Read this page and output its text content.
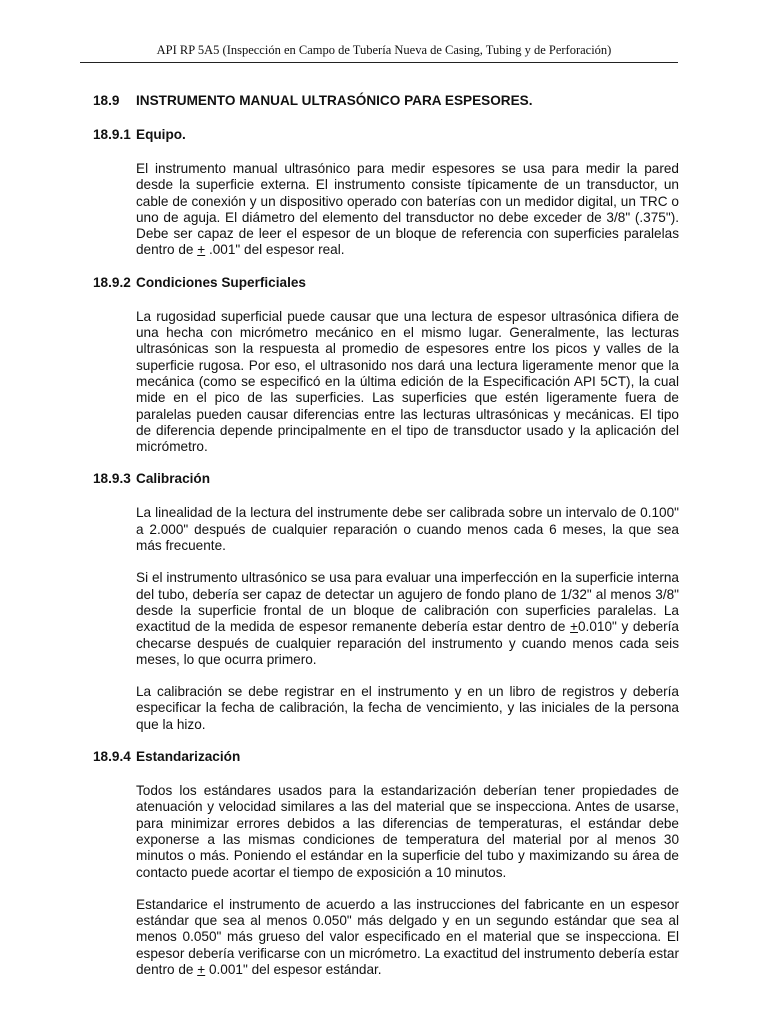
API RP 5A5 (Inspección en Campo de Tubería Nueva de Casing, Tubing y de Perforación)
18.9 INSTRUMENTO MANUAL ULTRASÓNICO PARA ESPESORES.
18.9.1 Equipo.

El instrumento manual ultrasónico para medir espesores se usa para medir la pared desde la superficie externa. El instrumento consiste típicamente de un transductor, un cable de conexión y un dispositivo operado con baterías con un medidor digital, un TRC o uno de aguja. El diámetro del elemento del transductor no debe exceder de 3/8" (.375"). Debe ser capaz de leer el espesor de un bloque de referencia con superficies paralelas dentro de + .001" del espesor real.

18.9.2 Condiciones Superficiales

La rugosidad superficial puede causar que una lectura de espesor ultrasónica difiera de una hecha con micrómetro mecánico en el mismo lugar. Generalmente, las lecturas ultrasónicas son la respuesta al promedio de espesores entre los picos y valles de la superficie rugosa. Por eso, el ultrasonido nos dará una lectura ligeramente menor que la mecánica (como se especificó en la última edición de la Especificación API 5CT), la cual mide en el pico de las superficies. Las superficies que estén ligeramente fuera de paralelas pueden causar diferencias entre las lecturas ultrasónicas y mecánicas. El tipo de diferencia depende principalmente en el tipo de transductor usado y la aplicación del micrómetro.

18.9.3 Calibración

La linealidad de la lectura del instrumente debe ser calibrada sobre un intervalo de 0.100" a 2.000" después de cualquier reparación o cuando menos cada 6 meses, la que sea más frecuente.

Si el instrumento ultrasónico se usa para evaluar una imperfección en la superficie interna del tubo, debería ser capaz de detectar un agujero de fondo plano de 1/32" al menos 3/8" desde la superficie frontal de un bloque de calibración con superficies paralelas. La exactitud de la medida de espesor remanente debería estar dentro de +0.010" y debería checarse después de cualquier reparación del instrumento y cuando menos cada seis meses, lo que ocurra primero.

La calibración se debe registrar en el instrumento y en un libro de registros y debería especificar la fecha de calibración, la fecha de vencimiento, y las iniciales de la persona que la hizo.

18.9.4 Estandarización

Todos los estándares usados para la estandarización deberían tener propiedades de atenuación y velocidad similares a las del material que se inspecciona. Antes de usarse, para minimizar errores debidos a las diferencias de temperaturas, el estándar debe exponerse a las mismas condiciones de temperatura del material por al menos 30 minutos o más. Poniendo el estándar en la superficie del tubo y maximizando su área de contacto puede acortar el tiempo de exposición a 10 minutos.

Estandarice el instrumento de acuerdo a las instrucciones del fabricante en un espesor estándar que sea al menos 0.050" más delgado y en un segundo estándar que sea al menos 0.050" más grueso del valor especificado en el material que se inspecciona. El espesor debería verificarse con un micrómetro. La exactitud del instrumento debería estar dentro de + 0.001" del espesor estándar.
